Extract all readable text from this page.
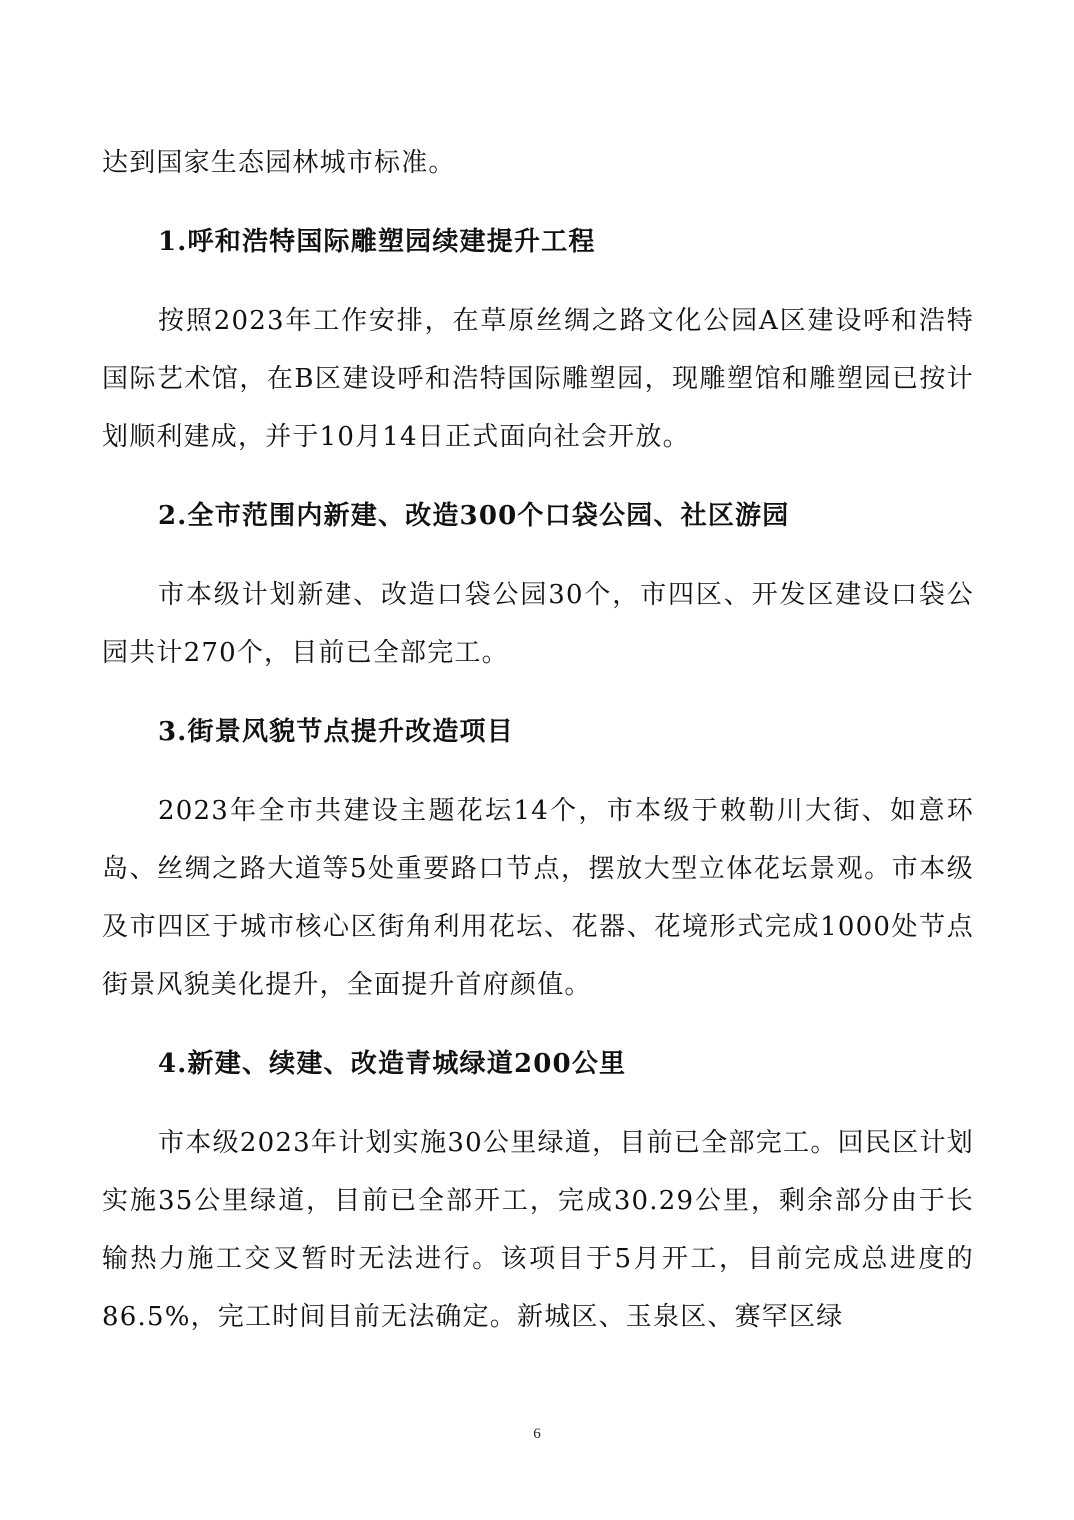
达到国家生态园林城市标准。

1.呼和浩特国际雕塑园续建提升工程

按照2023年工作安排，在草原丝绸之路文化公园A区建设呼和浩特国际艺术馆，在B区建设呼和浩特国际雕塑园，现雕塑馆和雕塑园已按计划顺利建成，并于10月14日正式面向社会开放。

2.全市范围内新建、改造300个口袋公园、社区游园

市本级计划新建、改造口袋公园30个，市四区、开发区建设口袋公园共计270个，目前已全部完工。

3.街景风貌节点提升改造项目

2023年全市共建设主题花坛14个，市本级于敕勒川大街、如意环岛、丝绸之路大道等5处重要路口节点，摆放大型立体花坛景观。市本级及市四区于城市核心区街角利用花坛、花器、花境形式完成1000处节点街景风貌美化提升，全面提升首府颜值。

4.新建、续建、改造青城绿道200公里

市本级2023年计划实施30公里绿道，目前已全部完工。回民区计划实施35公里绿道，目前已全部开工，完成30.29公里，剩余部分由于长输热力施工交叉暂时无法进行。该项目于5月开工，目前完成总进度的86.5%，完工时间目前无法确定。新城区、玉泉区、赛罕区绿

6
